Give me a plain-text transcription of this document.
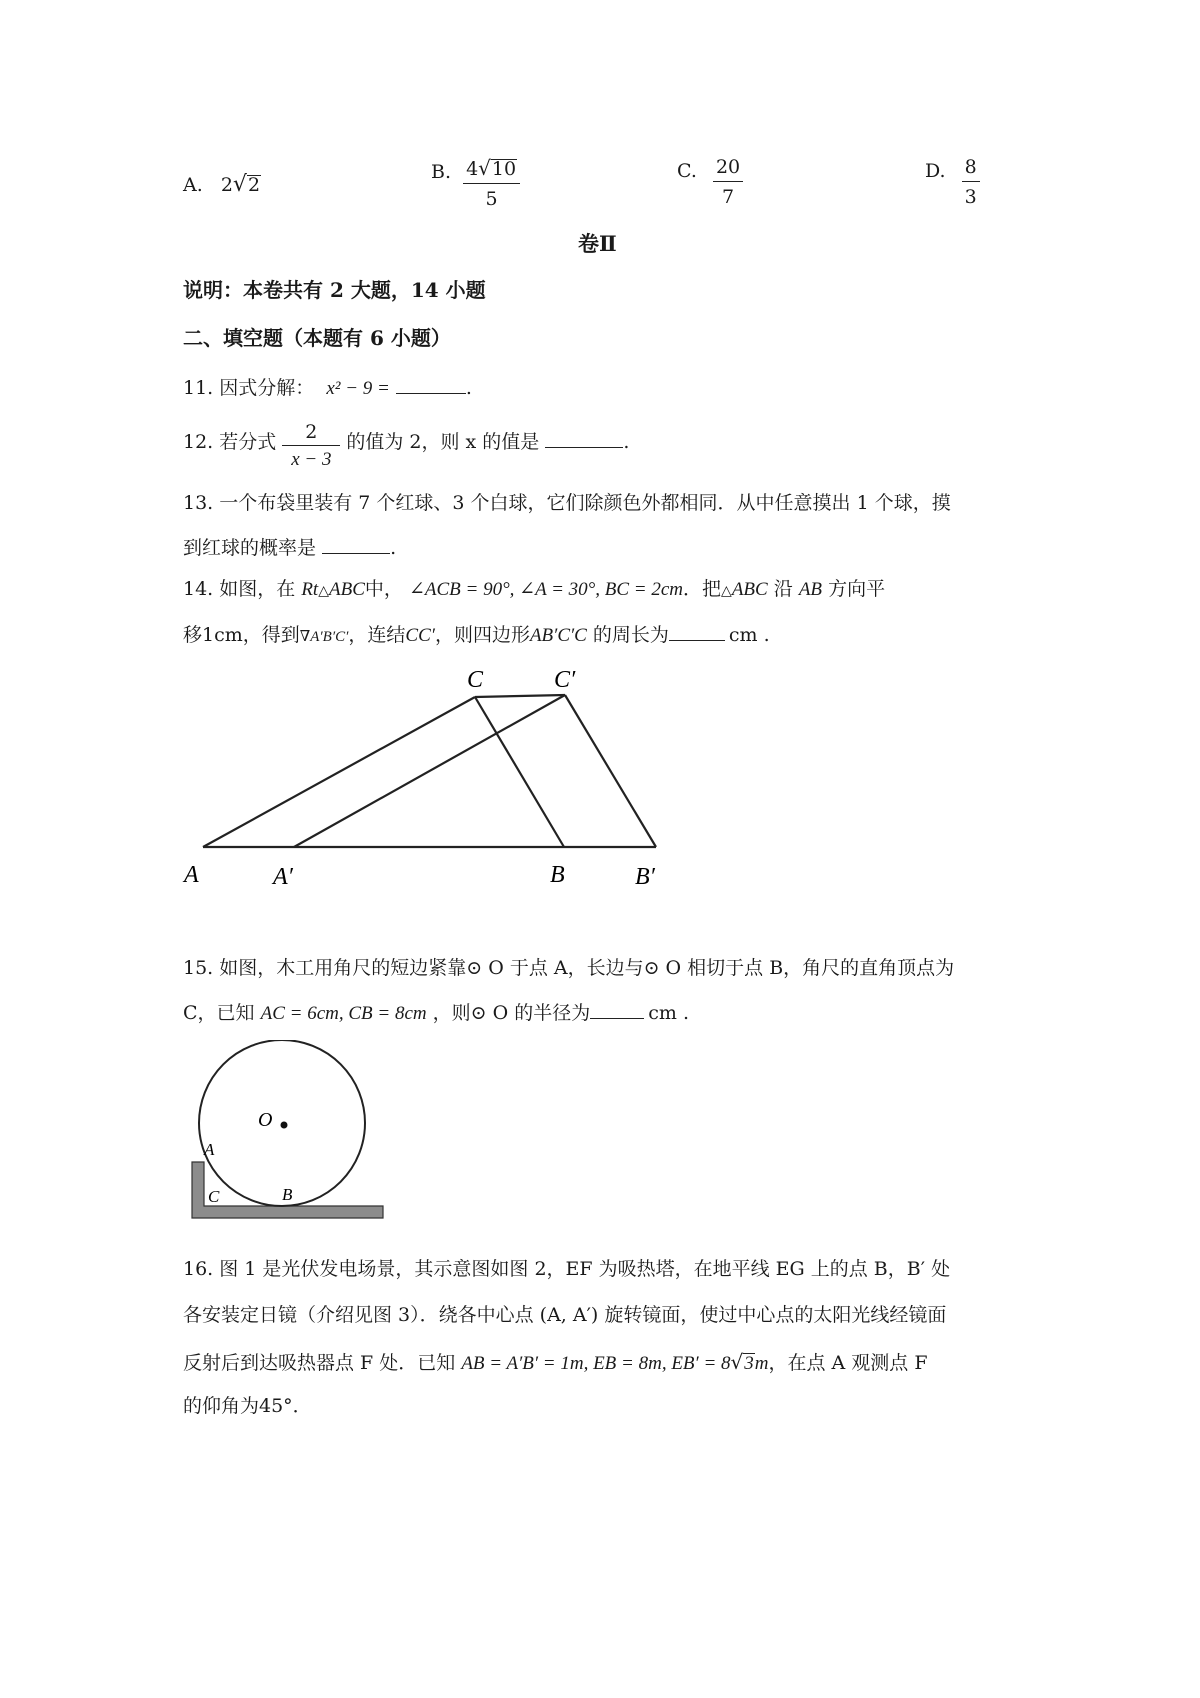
A. 2√2
B. $\frac{4√10}{5}$	C. $\frac{20}{7}$	D. $\frac{8}{3}$
卷Ⅱ
说明：本卷共有 2 大题，14 小题
二、填空题（本题有 6 小题）
11. 因式分解： x² − 9 =	.
12. 若分式 $\frac{2}{x - 3}$ 的值为 2，则 x 的值是	.
13. 一个布袋里装有 7 个红球、3 个白球，它们除颜色外都相同．从中任意摸出 1 个球，摸
到红球的概率是	.
14. 如图，在 Rt△ABC中， ∠ACB = 90°, ∠A = 30°, BC = 2cm．把△ABC 沿 AB 方向平
移1cm，得到∇A′B′C′，连结CC′，则四边形AB′C′C 的周长为	cm .
A	A′	B	B′
C	C′
15. 如图，木工用角尺的短边紧靠⊙ O 于点 A，长边与⊙ O 相切于点 B，角尺的直角顶点为
C，已知 AC = 6cm, CB = 8cm ，则⊙ O 的半径为	cm .
O
A
C	B
16. 图 1 是光伏发电场景，其示意图如图 2，EF 为吸热塔，在地平线 EG 上的点 B，B′ 处
各安装定日镜（介绍见图 3）．绕各中心点 (A, A′) 旋转镜面，使过中心点的太阳光线经镜面
反射后到达吸热器点 F 处．已知 AB = A′B′ = 1m, EB = 8m, EB′ = 8√3m，在点 A 观测点 F
的仰角为45°．
